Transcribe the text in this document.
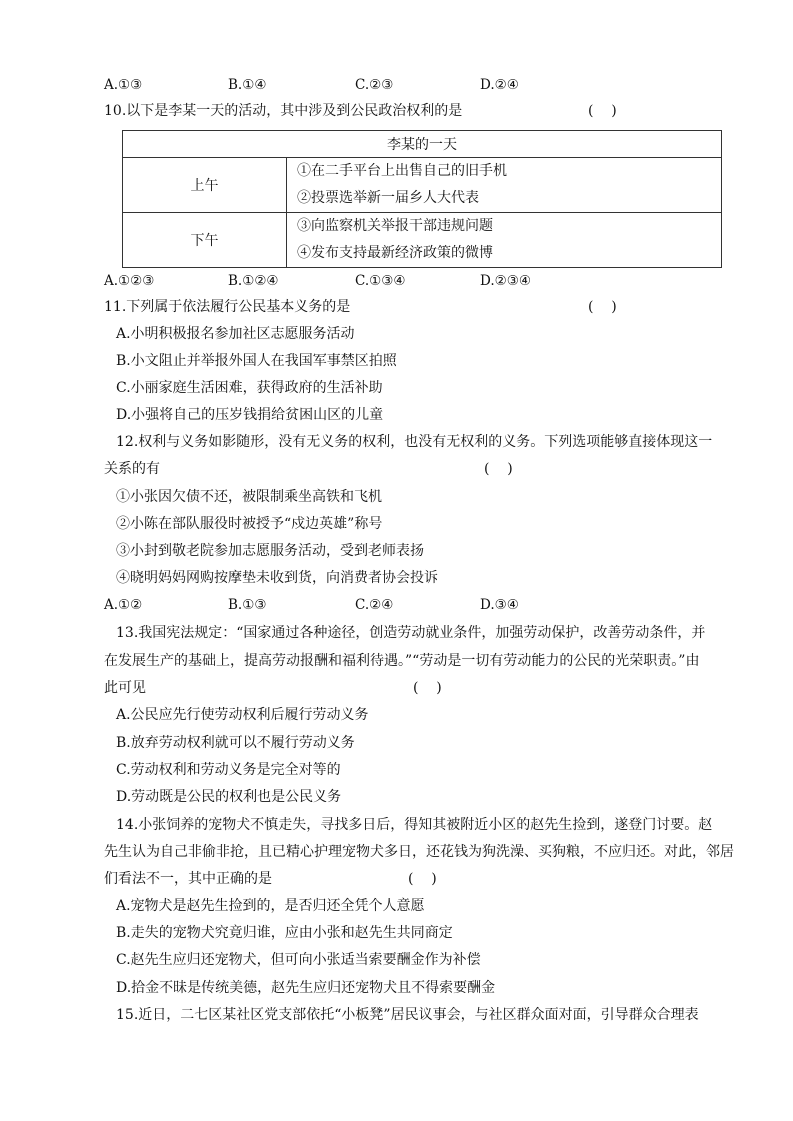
A.①③	B.①④	C.②③	D.②④
10.以下是李某一天的活动，其中涉及到公民政治权利的是	(    )
李某的一天	
上午	①在二手平台上出售自己的旧手机
②投票选举新一届乡人大代表

下午	③向监察机关举报干部违规问题
④发布支持最新经济政策的微博
A.①②③	B.①②④	C.①③④	D.②③④
11.下列属于依法履行公民基本义务的是	(    )
A.小明积极报名参加社区志愿服务活动
B.小文阻止并举报外国人在我国军事禁区拍照
C.小丽家庭生活困难，获得政府的生活补助
D.小强将自己的压岁钱捐给贫困山区的儿童
12.权利与义务如影随形，没有无义务的权利，也没有无权利的义务。下列选项能够直接体现这一
关系的有	(    )
①小张因欠债不还，被限制乘坐高铁和飞机
②小陈在部队服役时被授予“戍边英雄”称号
③小封到敬老院参加志愿服务活动，受到老师表扬
④晓明妈妈网购按摩垫未收到货，向消费者协会投诉
A.①②	B.①③	C.②④	D.③④
13.我国宪法规定：“国家通过各种途径，创造劳动就业条件，加强劳动保护，改善劳动条件，并
在发展生产的基础上，提高劳动报酬和福利待遇。”“劳动是一切有劳动能力的公民的光荣职责。”由
此可见	(    )
A.公民应先行使劳动权利后履行劳动义务
B.放弃劳动权利就可以不履行劳动义务
C.劳动权利和劳动义务是完全对等的
D.劳动既是公民的权利也是公民义务
14.小张饲养的宠物犬不慎走失，寻找多日后，得知其被附近小区的赵先生捡到，遂登门讨要。赵
先生认为自己非偷非抢，且已精心护理宠物犬多日，还花钱为狗洗澡、买狗粮，不应归还。对此，邻居
们看法不一，其中正确的是	(    )
A.宠物犬是赵先生捡到的，是否归还全凭个人意愿
B.走失的宠物犬究竟归谁，应由小张和赵先生共同商定
C.赵先生应归还宠物犬，但可向小张适当索要酬金作为补偿
D.拾金不昧是传统美德，赵先生应归还宠物犬且不得索要酬金
15.近日，二七区某社区党支部依托“小板凳”居民议事会，与社区群众面对面，引导群众合理表
